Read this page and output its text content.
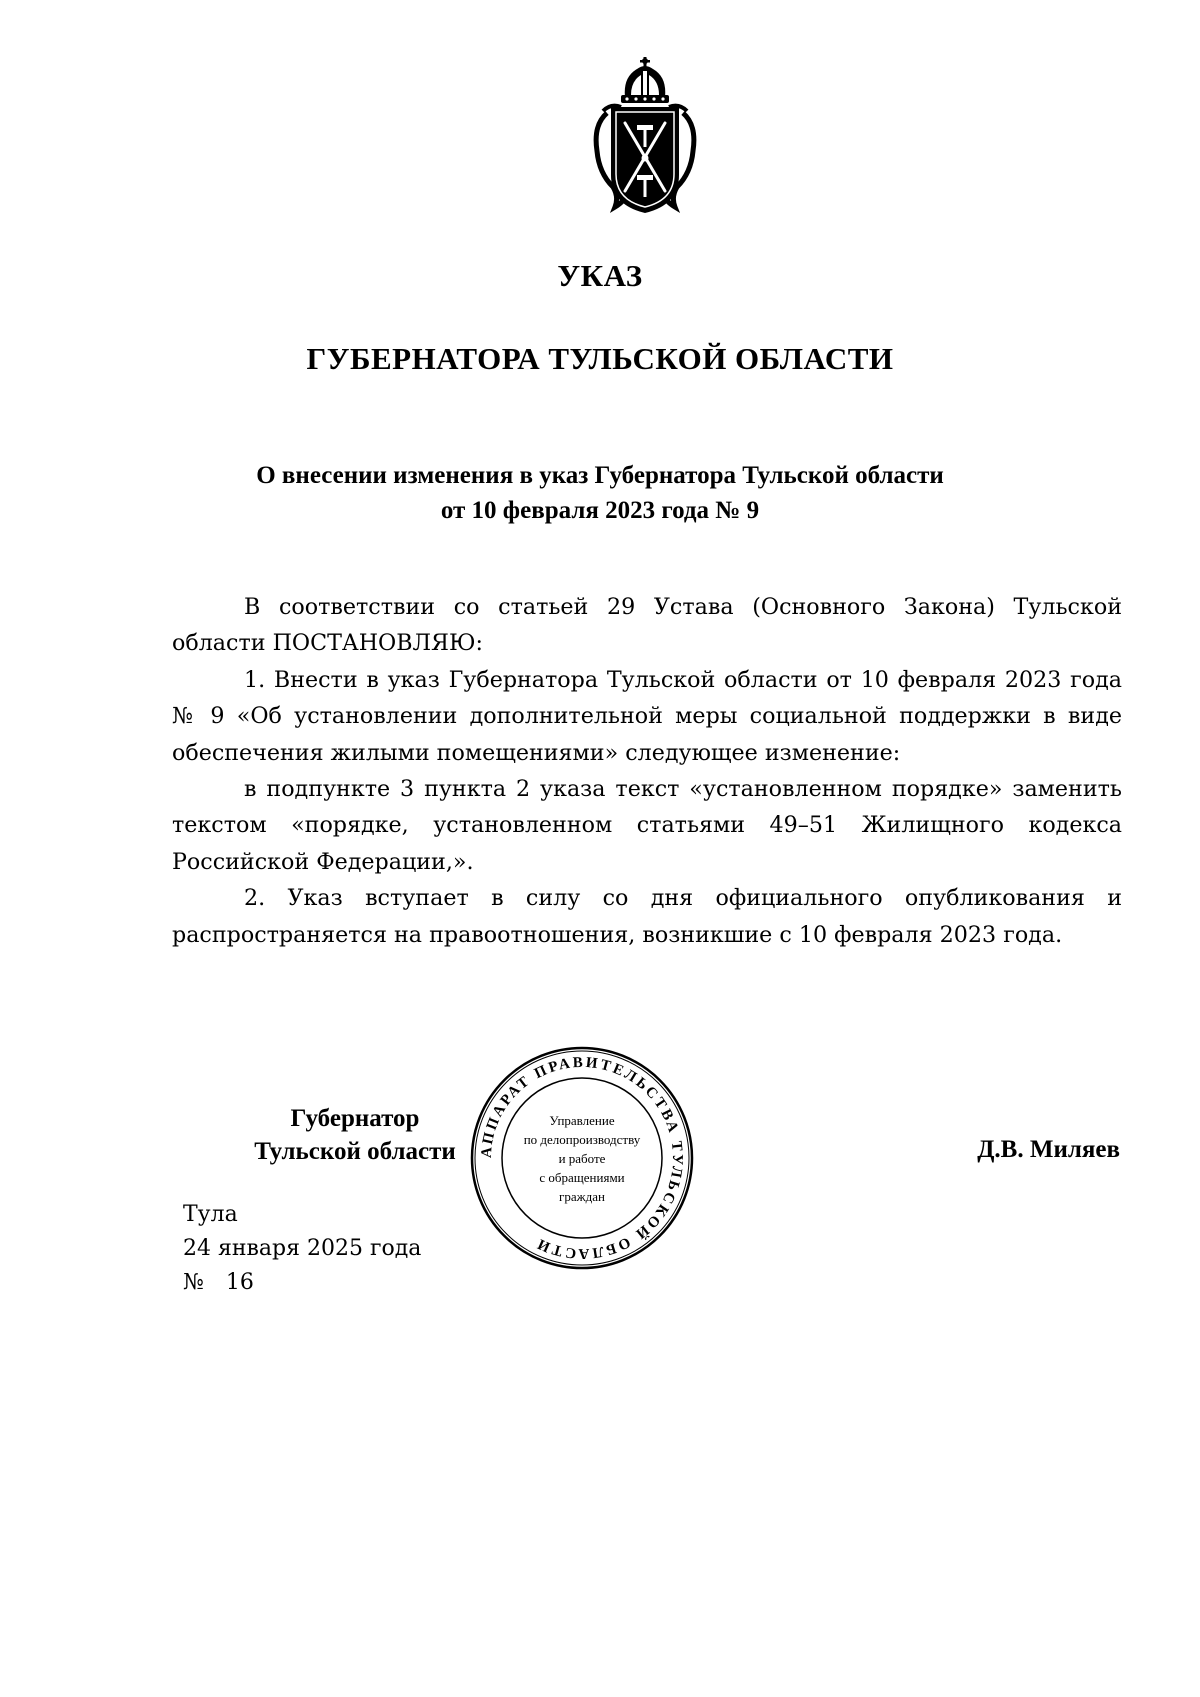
УКАЗ
ГУБЕРНАТОРА ТУЛЬСКОЙ ОБЛАСТИ
О внесении изменения в указ Губернатора Тульской области
от 10 февраля 2023 года № 9

В соответствии со статьей 29 Устава (Основного Закона) Тульской области ПОСТАНОВЛЯЮ:

1. Внести в указ Губернатора Тульской области от 10 февраля 2023 года № 9 «Об установлении дополнительной меры социальной поддержки в виде обеспечения жилыми помещениями» следующее изменение:

в подпункте 3 пункта 2 указа текст «установленном порядке» заменить текстом «порядке, установленном статьями 49–51 Жилищного кодекса Российской Федерации,».

2. Указ вступает в силу со дня официального опубликования и распространяется на правоотношения, возникшие с 10 февраля 2023 года.

Губернатор
Тульской области	АППАРАТ ПРАВИТЕЛЬСТВА ТУЛЬСКОЙ ОБЛАСТИ
Управление
по делопроизводству
и работе
с обращениями
граждан
Д.В. Миляев
Тула
24 января 2025 года
№ 16
